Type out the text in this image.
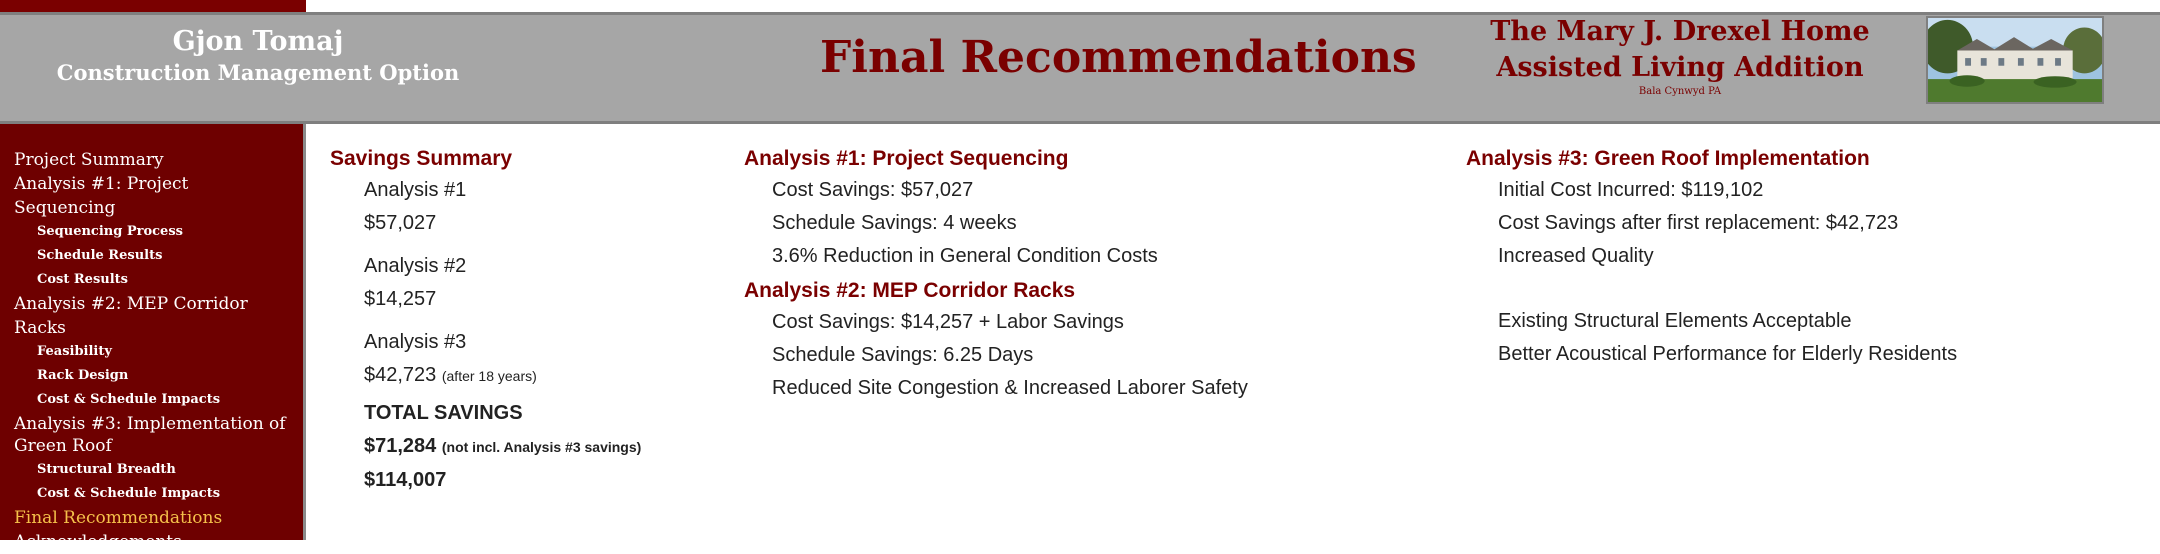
Gjon Tomaj
Construction Management Option	Final Recommendations
The Mary J. Drexel Home
Assisted Living Addition
Bala Cynwyd PA
Project Summary
Analysis #1: Project Sequencing
Sequencing Process
Schedule Results
Cost Results
Analysis #2: MEP Corridor Racks
Feasibility
Rack Design
Cost & Schedule Impacts
Analysis #3: Implementation of Green Roof
Structural Breadth
Cost & Schedule Impacts
Final Recommendations
Acknowledgements
Savings Summary
Analysis #1
$57,027
Analysis #2
$14,257
Analysis #3
$42,723 (after 18 years)
TOTAL SAVINGS
$71,284 (not incl. Analysis #3 savings)
$114,007
Analysis #1: Project Sequencing
Cost Savings: $57,027
Schedule Savings: 4 weeks
3.6% Reduction in General Condition Costs
Analysis #2: MEP Corridor Racks
Cost Savings: $14,257 + Labor Savings
Schedule Savings: 6.25 Days
Reduced Site Congestion & Increased Laborer Safety
Analysis #3: Green Roof Implementation
Initial Cost Incurred: $119,102
Cost Savings after first replacement: $42,723
Increased Quality
Existing Structural Elements Acceptable
Better Acoustical Performance for Elderly Residents
